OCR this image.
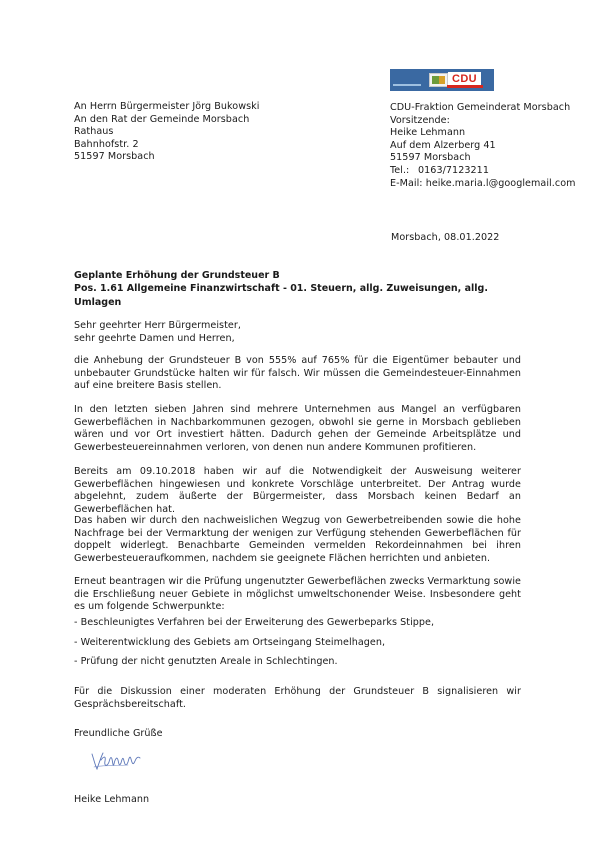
CDU
An Herrn Bürgermeister Jörg Bukowski
An den Rat der Gemeinde Morsbach
Rathaus
Bahnhofstr. 2
51597 Morsbach
CDU-Fraktion Gemeinderat Morsbach
Vorsitzende:
Heike Lehmann
Auf dem Alzerberg 41
51597 Morsbach
Tel.: 0163/7123211
E-Mail: heike.maria.l@googlemail.com
Morsbach, 08.01.2022
Geplante Erhöhung der Grundsteuer B
Pos. 1.61 Allgemeine Finanzwirtschaft - 01. Steuern, allg. Zuweisungen, allg. Umlagen
Sehr geehrter Herr Bürgermeister,
sehr geehrte Damen und Herren,
die Anhebung der Grundsteuer B von 555% auf 765% für die Eigentümer bebauter und unbebauter Grundstücke halten wir für falsch. Wir müssen die Gemeindesteuer-Einnahmen auf eine breitere Basis stellen.
In den letzten sieben Jahren sind mehrere Unternehmen aus Mangel an verfügbaren Gewerbeflächen in Nachbarkommunen gezogen, obwohl sie gerne in Morsbach geblieben wären und vor Ort investiert hätten. Dadurch gehen der Gemeinde Arbeitsplätze und Gewerbesteuereinnahmen verloren, von denen nun andere Kommunen profitieren.
Bereits am 09.10.2018 haben wir auf die Notwendigkeit der Ausweisung weiterer Gewerbeflächen hingewiesen und konkrete Vorschläge unterbreitet. Der Antrag wurde abgelehnt, zudem äußerte der Bürgermeister, dass Morsbach keinen Bedarf an Gewerbeflächen hat.
Das haben wir durch den nachweislichen Wegzug von Gewerbetreibenden sowie die hohe Nachfrage bei der Vermarktung der wenigen zur Verfügung stehenden Gewerbeflächen für doppelt widerlegt. Benachbarte Gemeinden vermelden Rekordeinnahmen bei ihren Gewerbesteueraufkommen, nachdem sie geeignete Flächen herrichten und anbieten.
Erneut beantragen wir die Prüfung ungenutzter Gewerbeflächen zwecks Vermarktung sowie die Erschließung neuer Gebiete in möglichst umweltschonender Weise. Insbesondere geht es um folgende Schwerpunkte:
- Beschleunigtes Verfahren bei der Erweiterung des Gewerbeparks Stippe,
- Weiterentwicklung des Gebiets am Ortseingang Steimelhagen,
- Prüfung der nicht genutzten Areale in Schlechtingen.
Für die Diskussion einer moderaten Erhöhung der Grundsteuer B signalisieren wir Gesprächsbereitschaft.
Freundliche Grüße
Heike Lehmann
